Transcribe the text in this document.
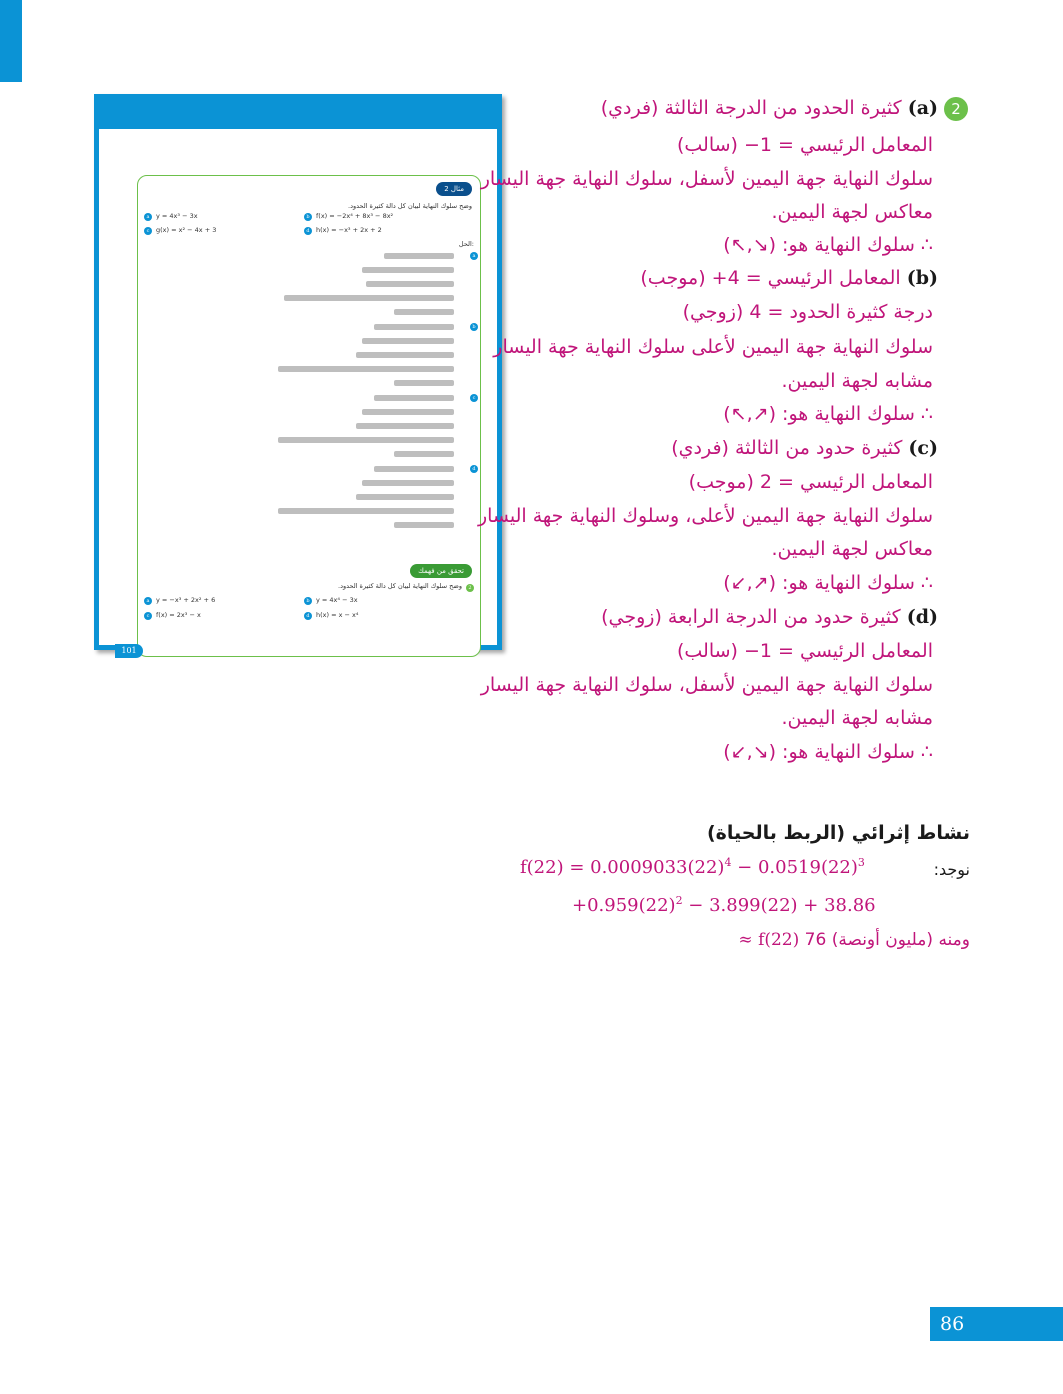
مثال 2
وضح سلوك النهاية لبيان كل دالة كثيرة الحدود.
a	y = 4x³ − 3x	b f(x) = −2x⁴ + 8x³ − 8x²
c	g(x) = x² − 4x + 3	d h(x) = −x³ + 2x + 2
الحل:
a
b
c
d
تحقق من فهمك
2
وضح سلوك النهاية لبيان كل دالة كثيرة الحدود.
a	y = −x³ + 2x² + 6	b y = 4x⁴ − 3x
c	f(x) = 2x³ − x	d h(x) = x − x⁴
101
2
(a) كثيرة الحدود من الدرجة الثالثة (فردي)
المعامل الرئيسي = 1− (سالب)
سلوك النهاية جهة اليمين لأسفل، سلوك النهاية جهة اليسار
معاكس لجهة اليمين.
∴ سلوك النهاية هو: (↘,↖)
(b) المعامل الرئيسي = 4+ (موجب)
درجة كثيرة الحدود = 4 (زوجي)
سلوك النهاية جهة اليمين لأعلى سلوك النهاية جهة اليسار
مشابه لجهة اليمين.
∴ سلوك النهاية هو: (↗,↖)
(c) كثيرة حدود من الثالثة (فردي)
المعامل الرئيسي = 2 (موجب)
سلوك النهاية جهة اليمين لأعلى، وسلوك النهاية جهة اليسار
معاكس لجهة اليمين.
∴ سلوك النهاية هو: (↗,↙)
(d) كثيرة حدود من الدرجة الرابعة (زوجي)
المعامل الرئيسي = 1− (سالب)
سلوك النهاية جهة اليمين لأسفل، سلوك النهاية جهة اليسار
مشابه لجهة اليمين.
∴ سلوك النهاية هو: (↘,↙)
نشاط إثرائي (الربط بالحياة)
نوجد:
$f(22) = 0.0009033(22)^4 - 0.0519(22)^3$
$+0.959(22)^2 - 3.899(22) + 38.86$
ومنه (مليون أونصة) 76 f(22) ≈
86
